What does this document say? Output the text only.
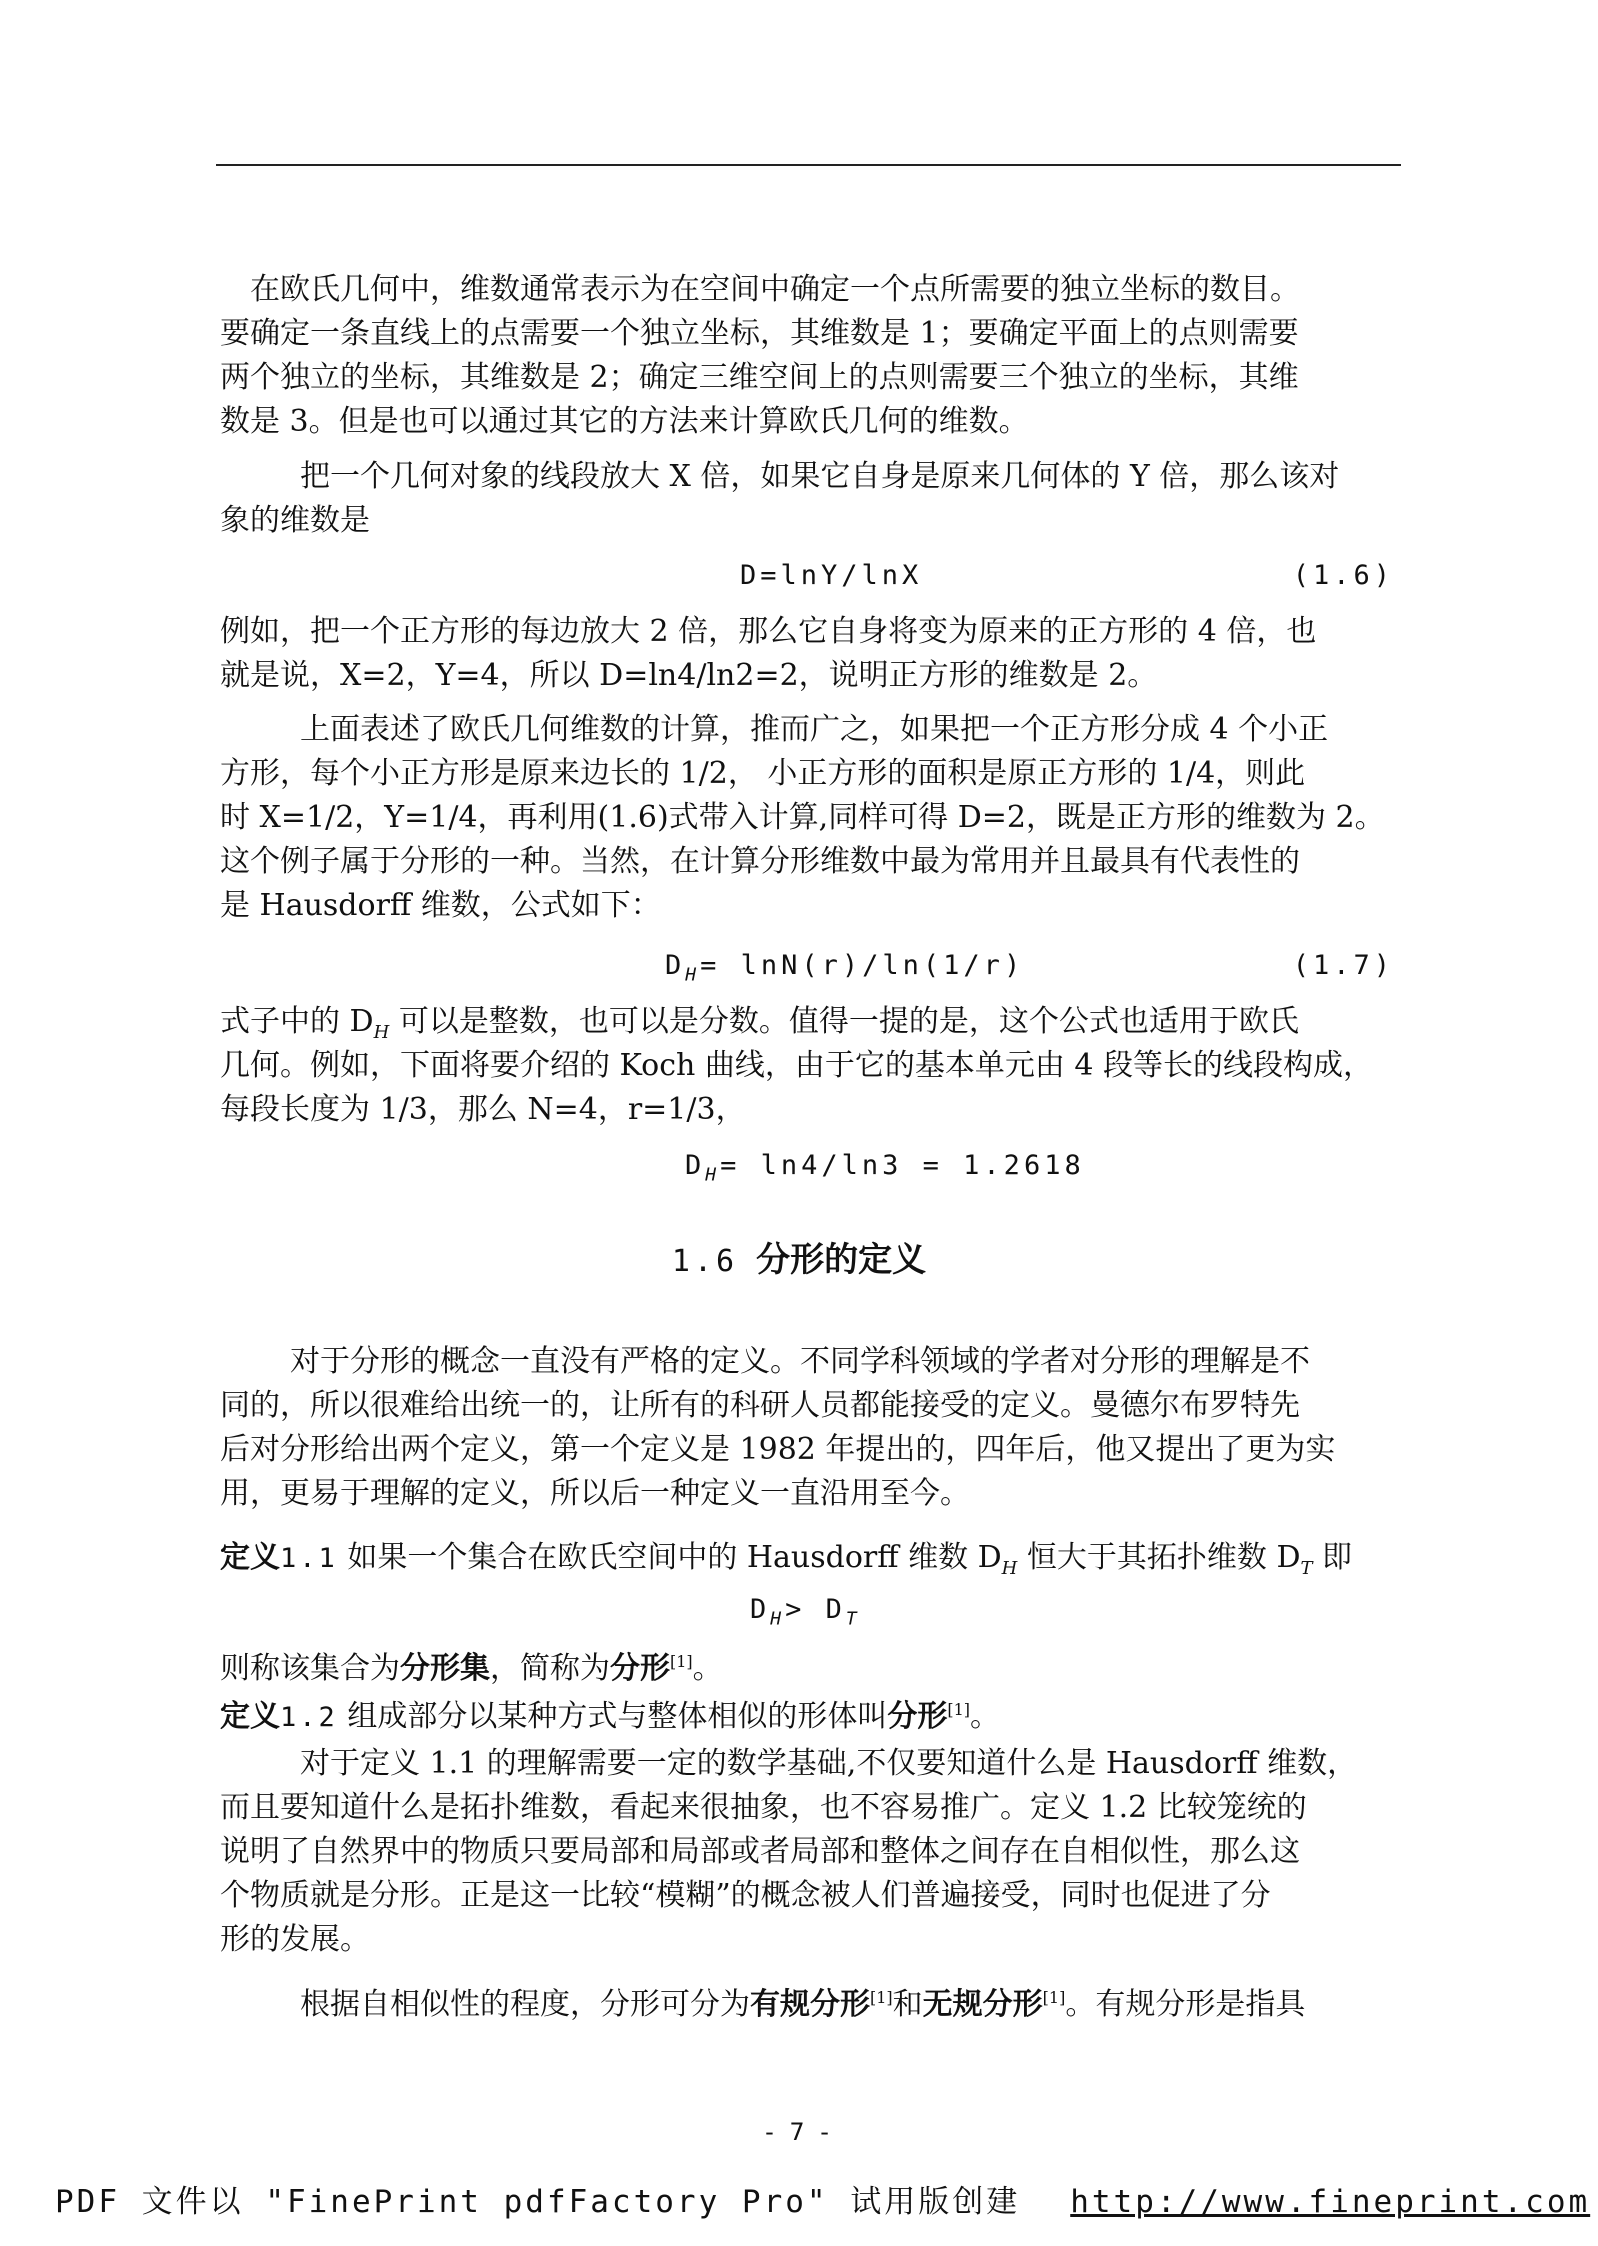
在欧氏几何中，维数通常表示为在空间中确定一个点所需要的独立坐标的数目。
要确定一条直线上的点需要一个独立坐标，其维数是 1；要确定平面上的点则需要
两个独立的坐标，其维数是 2；确定三维空间上的点则需要三个独立的坐标，其维
数是 3。但是也可以通过其它的方法来计算欧氏几何的维数。
把一个几何对象的线段放大 X 倍，如果它自身是原来几何体的 Y 倍，那么该对
象的维数是
D=lnY/lnX	(1.6)
例如，把一个正方形的每边放大 2 倍，那么它自身将变为原来的正方形的 4 倍，也
就是说，X=2，Y=4，所以 D=ln4/ln2=2，说明正方形的维数是 2。
上面表述了欧氏几何维数的计算，推而广之，如果把一个正方形分成 4 个小正
方形，每个小正方形是原来边长的 1/2， 小正方形的面积是原正方形的 1/4，则此
时 X=1/2，Y=1/4，再利用(1.6)式带入计算,同样可得 D=2，既是正方形的维数为 2。
这个例子属于分形的一种。当然，在计算分形维数中最为常用并且最具有代表性的
是 Hausdorff 维数，公式如下：
$D_H= \ln N(r)/\ln(1/r)$	(1.7)
式子中的 $D_H$ 可以是整数，也可以是分数。值得一提的是，这个公式也适用于欧氏
几何。例如，下面将要介绍的 Koch 曲线，由于它的基本单元由 4 段等长的线段构成，
每段长度为 1/3，那么 N=4，r=1/3，
$D_H= \ln 4/\ln 3 = 1.2618$
1.6 分形的定义
对于分形的概念一直没有严格的定义。不同学科领域的学者对分形的理解是不
同的，所以很难给出统一的，让所有的科研人员都能接受的定义。曼德尔布罗特先
后对分形给出两个定义，第一个定义是 1982 年提出的，四年后，他又提出了更为实
用，更易于理解的定义，所以后一种定义一直沿用至今。
定义1.1 如果一个集合在欧氏空间中的 Hausdorff 维数 $D_H$ 恒大于其拓扑维数 $D_T$ 即
$D_H> D_T$
则称该集合为分形集，简称为分形[1]。
定义1.2 组成部分以某种方式与整体相似的形体叫分形[1]。
对于定义 1.1 的理解需要一定的数学基础,不仅要知道什么是 Hausdorff 维数，
而且要知道什么是拓扑维数，看起来很抽象，也不容易推广。定义 1.2 比较笼统的
说明了自然界中的物质只要局部和局部或者局部和整体之间存在自相似性，那么这
个物质就是分形。正是这一比较“模糊”的概念被人们普遍接受，同时也促进了分
形的发展。
根据自相似性的程度，分形可分为有规分形[1]和无规分形[1]。有规分形是指具
- 7 -
PDF 文件以 "FinePrint pdfFactory Pro" 试用版创建 http://www.fineprint.com
